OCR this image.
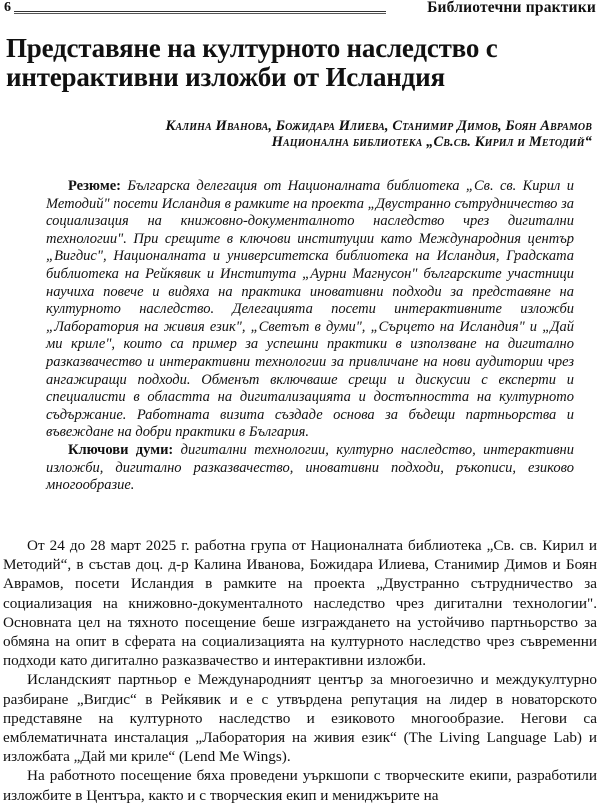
6	Библиотечни практики
Представяне на културното наследство с интерактивни изложби от Исландия
Калина Иванова, Божидара Илиева, Станимир Димов, Боян Аврамов
Национална библиотека „Св.св. Кирил и Методий“

Резюме: Българска делегация от Националната библиотека „Св. св. Кирил и Методий" посети Исландия в рамките на проекта „Двустранно сътрудничество за социализация на книжовно-документалното наследство чрез дигитални технологии". При срещите в ключови институции като Международния център „Вигдис", Националната и университетска библиотека на Исландия, Градската библиотека на Рейкявик и Института „Аурни Магнусон" българските участници научиха повече и видяха на практика иновативни подходи за представяне на културното наследство. Делегацията посети интерактивните изложби „Лаборатория на живия език", „Светът в думи", „Сърцето на Исландия" и „Дай ми криле", които са пример за успешни практики в използване на дигитално разказвачество и интерактивни технологии за привличане на нови аудитории чрез ангажиращи подходи. Обменът включваше срещи и дискусии с експерти и специалисти в областта на дигитализацията и достъпността на културното съдържание. Работната визита създаде основа за бъдещи партньорства и въвеждане на добри практики в България.

Ключови думи: дигитални технологии, културно наследство, интерактивни изложби, дигитално разказвачество, иновативни подходи, ръкописи, езиково многообразие.

От 24 до 28 март 2025 г. работна група от Националната библиотека „Св. св. Кирил и Методий“, в състав доц. д-р Калина Иванова, Божидара Илиева, Станимир Димов и Боян Аврамов, посети Исландия в рамките на проекта „Двустранно сътрудничество за социализация на книжовно-документалното наследство чрез дигитални технологии". Основната цел на тяхното посещение беше изграждането на устойчиво партньорство за обмяна на опит в сферата на социализацията на културното наследство чрез съвременни подходи като дигитално разказвачество и интерактивни изложби.

Исландският партньор е Международният център за многоезично и междукултурно разбиране „Вигдис“ в Рейкявик и е с утвърдена репутация на лидер в новаторското представяне на културното наследство и езиковото многообразие. Негови са емблематичната инсталация „Лаборатория на живия език“ (The Living Language Lab) и изложбата „Дай ми криле“ (Lend Me Wings).

На работното посещение бяха проведени уъркшопи с творческите екипи, разработили изложбите в Центъра, както и с творческия екип и мениджърите на
